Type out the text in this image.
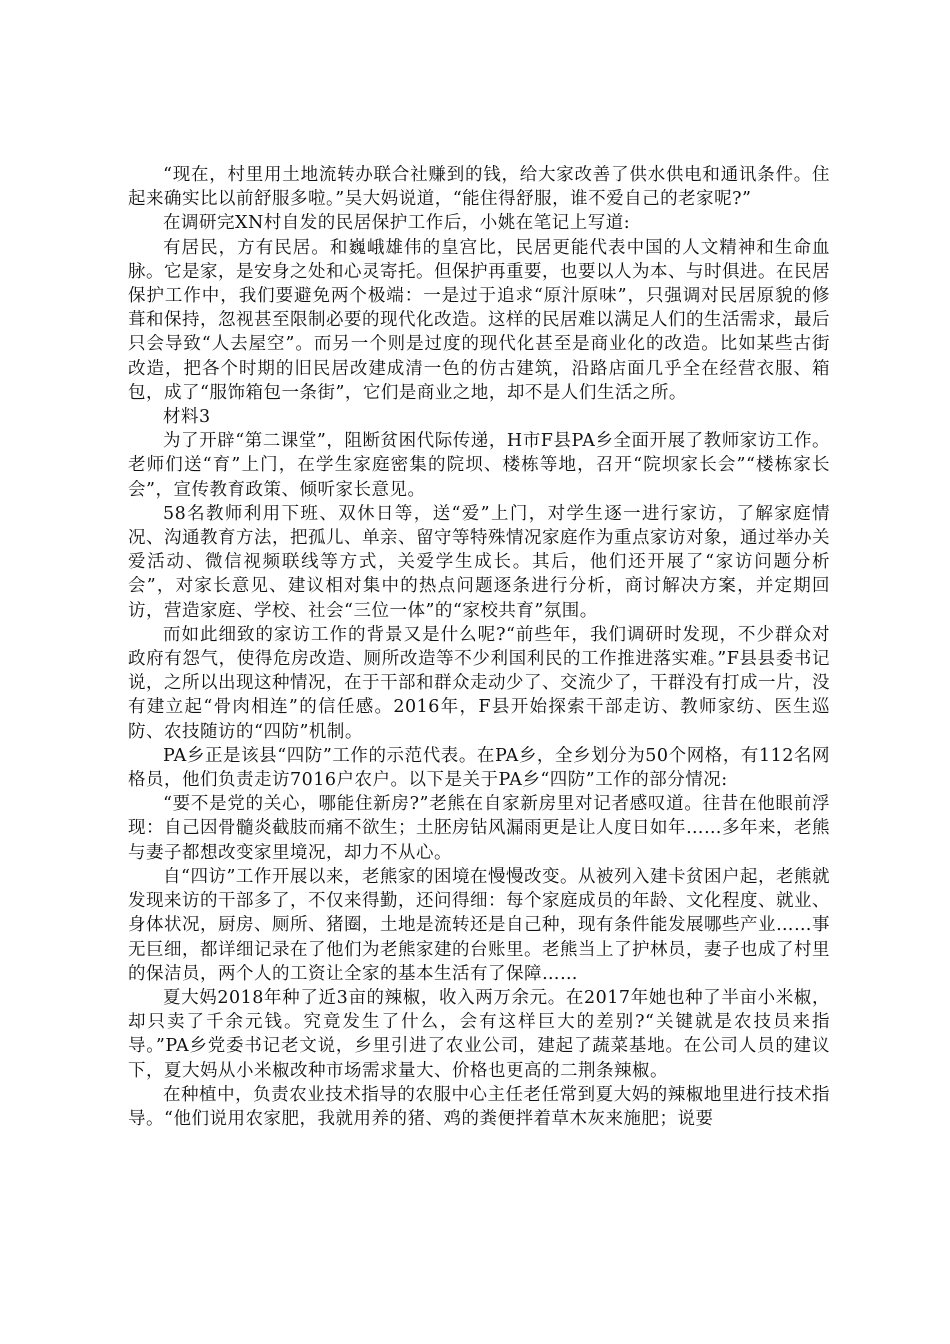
“现在，村里用土地流转办联合社赚到的钱，给大家改善了供水供电和通讯条件。住起来确实比以前舒服多啦。”吴大妈说道，“能住得舒服，谁不爱自己的老家呢?”

在调研完XN村自发的民居保护工作后，小姚在笔记上写道:

有居民，方有民居。和巍峨雄伟的皇宫比，民居更能代表中国的人文精神和生命血脉。它是家，是安身之处和心灵寄托。但保护再重要，也要以人为本、与时俱进。在民居保护工作中，我们要避免两个极端：一是过于追求“原汁原味”，只强调对民居原貌的修葺和保持，忽视甚至限制必要的现代化改造。这样的民居难以满足人们的生活需求，最后只会导致“人去屋空”。而另一个则是过度的现代化甚至是商业化的改造。比如某些古街改造，把各个时期的旧民居改建成清一色的仿古建筑，沿路店面几乎全在经营衣服、箱包，成了“服饰箱包一条街”，它们是商业之地，却不是人们生活之所。

材料3

为了开辟“第二课堂”，阻断贫困代际传递，H市F县PA乡全面开展了教师家访工作。老师们送“育”上门，在学生家庭密集的院坝、楼栋等地，召开“院坝家长会”“楼栋家长会”，宣传教育政策、倾听家长意见。

58名教师利用下班、双休日等，送“爱”上门，对学生逐一进行家访，了解家庭情况、沟通教育方法，把孤儿、单亲、留守等特殊情况家庭作为重点家访对象，通过举办关爱活动、微信视频联线等方式，关爱学生成长。其后，他们还开展了“家访问题分析会”，对家长意见、建议相对集中的热点问题逐条进行分析，商讨解决方案，并定期回访，营造家庭、学校、社会“三位一体”的“家校共育”氛围。

而如此细致的家访工作的背景又是什么呢?“前些年，我们调研时发现，不少群众对政府有怨气，使得危房改造、厕所改造等不少利国利民的工作推进落实难。”F县县委书记说，之所以出现这种情况，在于干部和群众走动少了、交流少了，干群没有打成一片，没有建立起“骨肉相连”的信任感。2016年，F县开始探索干部走访、教师家纺、医生巡防、农技随访的“四防”机制。

PA乡正是该县“四防”工作的示范代表。在PA乡，全乡划分为50个网格，有112名网格员，他们负责走访7016户农户。以下是关于PA乡“四防”工作的部分情况:

“要不是党的关心，哪能住新房?”老熊在自家新房里对记者感叹道。往昔在他眼前浮现：自己因骨髓炎截肢而痛不欲生；土胚房钻风漏雨更是让人度日如年……多年来，老熊与妻子都想改变家里境况，却力不从心。

自“四访”工作开展以来，老熊家的困境在慢慢改变。从被列入建卡贫困户起，老熊就发现来访的干部多了，不仅来得勤，还问得细：每个家庭成员的年龄、文化程度、就业、身体状况，厨房、厕所、猪圈，土地是流转还是自己种，现有条件能发展哪些产业……事无巨细，都详细记录在了他们为老熊家建的台账里。老熊当上了护林员，妻子也成了村里的保洁员，两个人的工资让全家的基本生活有了保障……

夏大妈2018年种了近3亩的辣椒，收入两万余元。在2017年她也种了半亩小米椒，却只卖了千余元钱。究竟发生了什么，会有这样巨大的差别?“关键就是农技员来指导。”PA乡党委书记老文说，乡里引进了农业公司，建起了蔬菜基地。在公司人员的建议下，夏大妈从小米椒改种市场需求量大、价格也更高的二荆条辣椒。

在种植中，负责农业技术指导的农服中心主任老任常到夏大妈的辣椒地里进行技术指导。“他们说用农家肥，我就用养的猪、鸡的粪便拌着草木灰来施肥；说要
